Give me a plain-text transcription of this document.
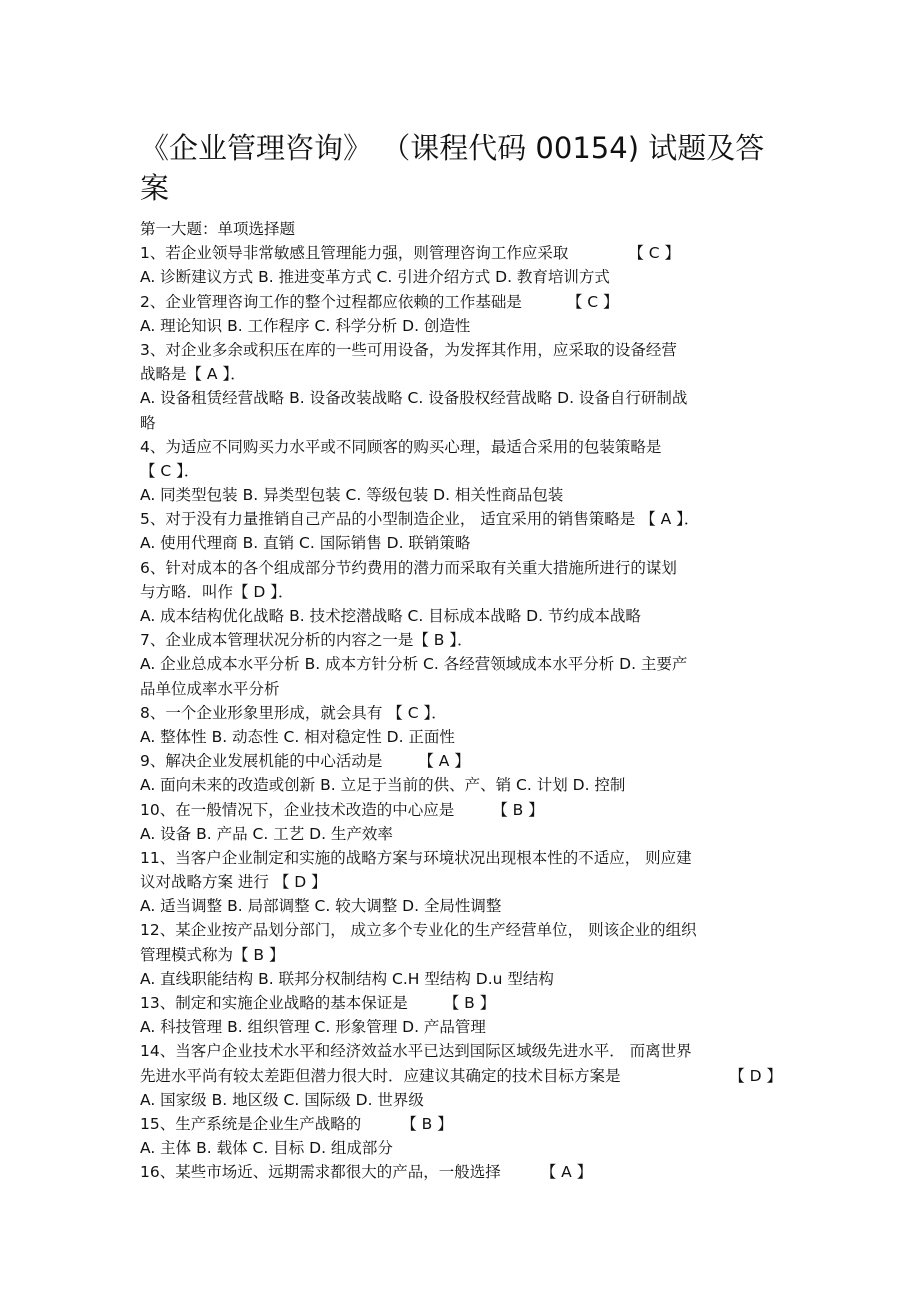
《企业管理咨询》 （课程代码 00154) 试题及答
案
第一大题：单项选择题
1、若企业领导非常敏感且管理能力强，则管理咨询工作应采取	【 C 】
A. 诊断建议方式 B. 推进变革方式 C. 引进介绍方式 D. 教育培训方式
2、企业管理咨询工作的整个过程都应依赖的工作基础是	【 C 】
A. 理论知识 B. 工作程序 C. 科学分析 D. 创造性
3、对企业多余或积压在库的一些可用设备，为发挥其作用，应采取的设备经营
战略是【 A 】．
A. 设备租赁经营战略 B. 设备改装战略 C. 设备股权经营战略 D. 设备自行研制战
略
4、为适应不同购买力水平或不同顾客的购买心理，最适合采用的包装策略是
【 C 】．
A. 同类型包装 B. 异类型包装 C. 等级包装 D. 相关性商品包装
5、对于没有力量推销自己产品的小型制造企业， 适宜采用的销售策略是 【 A 】．
A. 使用代理商 B. 直销 C. 国际销售 D. 联销策略
6、针对成本的各个组成部分节约费用的潜力而采取有关重大措施所进行的谋划
与方略．叫作【 D 】．
A. 成本结构优化战略 B. 技术挖潜战略 C. 目标成本战略 D. 节约成本战略
7、企业成本管理状况分析的内容之一是【 B 】．
A. 企业总成本水平分析 B. 成本方针分析 C. 各经营领域成本水平分析 D. 主要产
品单位成率水平分析
8、一个企业形象里形成，就会具有 【 C 】．
A. 整体性 B. 动态性 C. 相对稳定性 D. 正面性
9、解决企业发展机能的中心活动是 【 A 】
A. 面向未来的改造或创新 B. 立足于当前的供、产、销 C. 计划 D. 控制
10、在一般情况下，企业技术改造的中心应是 【 B 】
A. 设备 B. 产品 C. 工艺 D. 生产效率
11、当客户企业制定和实施的战略方案与环境状况出现根本性的不适应， 则应建
议对战略方案 进行 【 D 】
A. 适当调整 B. 局部调整 C. 较大调整 D. 全局性调整
12、某企业按产品划分部门， 成立多个专业化的生产经营单位， 则该企业的组织
管理模式称为【 B 】
A. 直线职能结构 B. 联邦分权制结构 C.H 型结构 D.u 型结构
13、制定和实施企业战略的基本保证是 【 B 】
A. 科技管理 B. 组织管理 C. 形象管理 D. 产品管理
14、当客户企业技术水平和经济效益水平已达到国际区域级先进水平． 而离世界
先进水平尚有较太差距但潜力很大时．应建议其确定的技术目标方案是	【 D 】
A. 国家级 B. 地区级 C. 国际级 D. 世界级
15、生产系统是企业生产战略的	【 B 】
A. 主体 B. 载体 C. 目标 D. 组成部分
16、某些市场近、远期需求都很大的产品，一般选择	【 A 】
